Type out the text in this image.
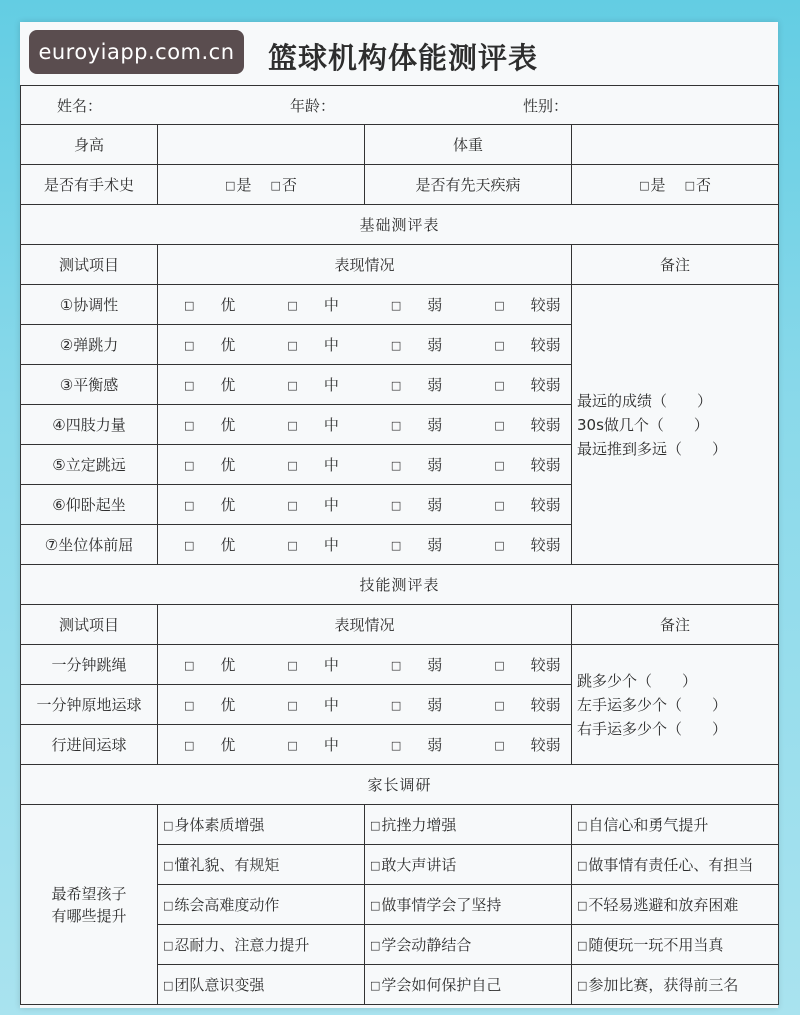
euroyiapp.com.cn	篮球机构体能测评表
姓名： 年龄： 性别：			

身高		体重	
是否有手术史	□是 □否	是否有先天疾病	□是 □否
基础测评表			
测试项目	表现情况		备注
①协调性	□ 优 □ 中 □ 弱 □ 较弱		最远的成绩（　　）
30s做几个（　　）
最远推到多远（　　）

②弹跳力	□ 优 □ 中 □ 弱 □ 较弱		
③平衡感	□ 优 □ 中 □ 弱 □ 较弱		
④四肢力量	□ 优 □ 中 □ 弱 □ 较弱		
⑤立定跳远	□ 优 □ 中 □ 弱 □ 较弱		
⑥仰卧起坐	□ 优 □ 中 □ 弱 □ 较弱		
⑦坐位体前屈	□ 优 □ 中 □ 弱 □ 较弱		
技能测评表			
测试项目	表现情况		备注
一分钟跳绳	□ 优 □ 中 □ 弱 □ 较弱		跳多少个（　　）
左手运多少个（　　）
右手运多少个（　　）

一分钟原地运球	□ 优 □ 中 □ 弱 □ 较弱		
行进间运球	□ 优 □ 中 □ 弱 □ 较弱		
家长调研			

最希望孩子
有哪些提升	□身体素质增强	□抗挫力增强	□自信心和勇气提升
	□懂礼貌、有规矩	□敢大声讲话	□做事情有责任心、有担当
	□练会高难度动作	□做事情学会了坚持	□不轻易逃避和放弃困难
	□忍耐力、注意力提升	□学会动静结合	□随便玩一玩不用当真
	□团队意识变强	□学会如何保护自己	□参加比赛，获得前三名
